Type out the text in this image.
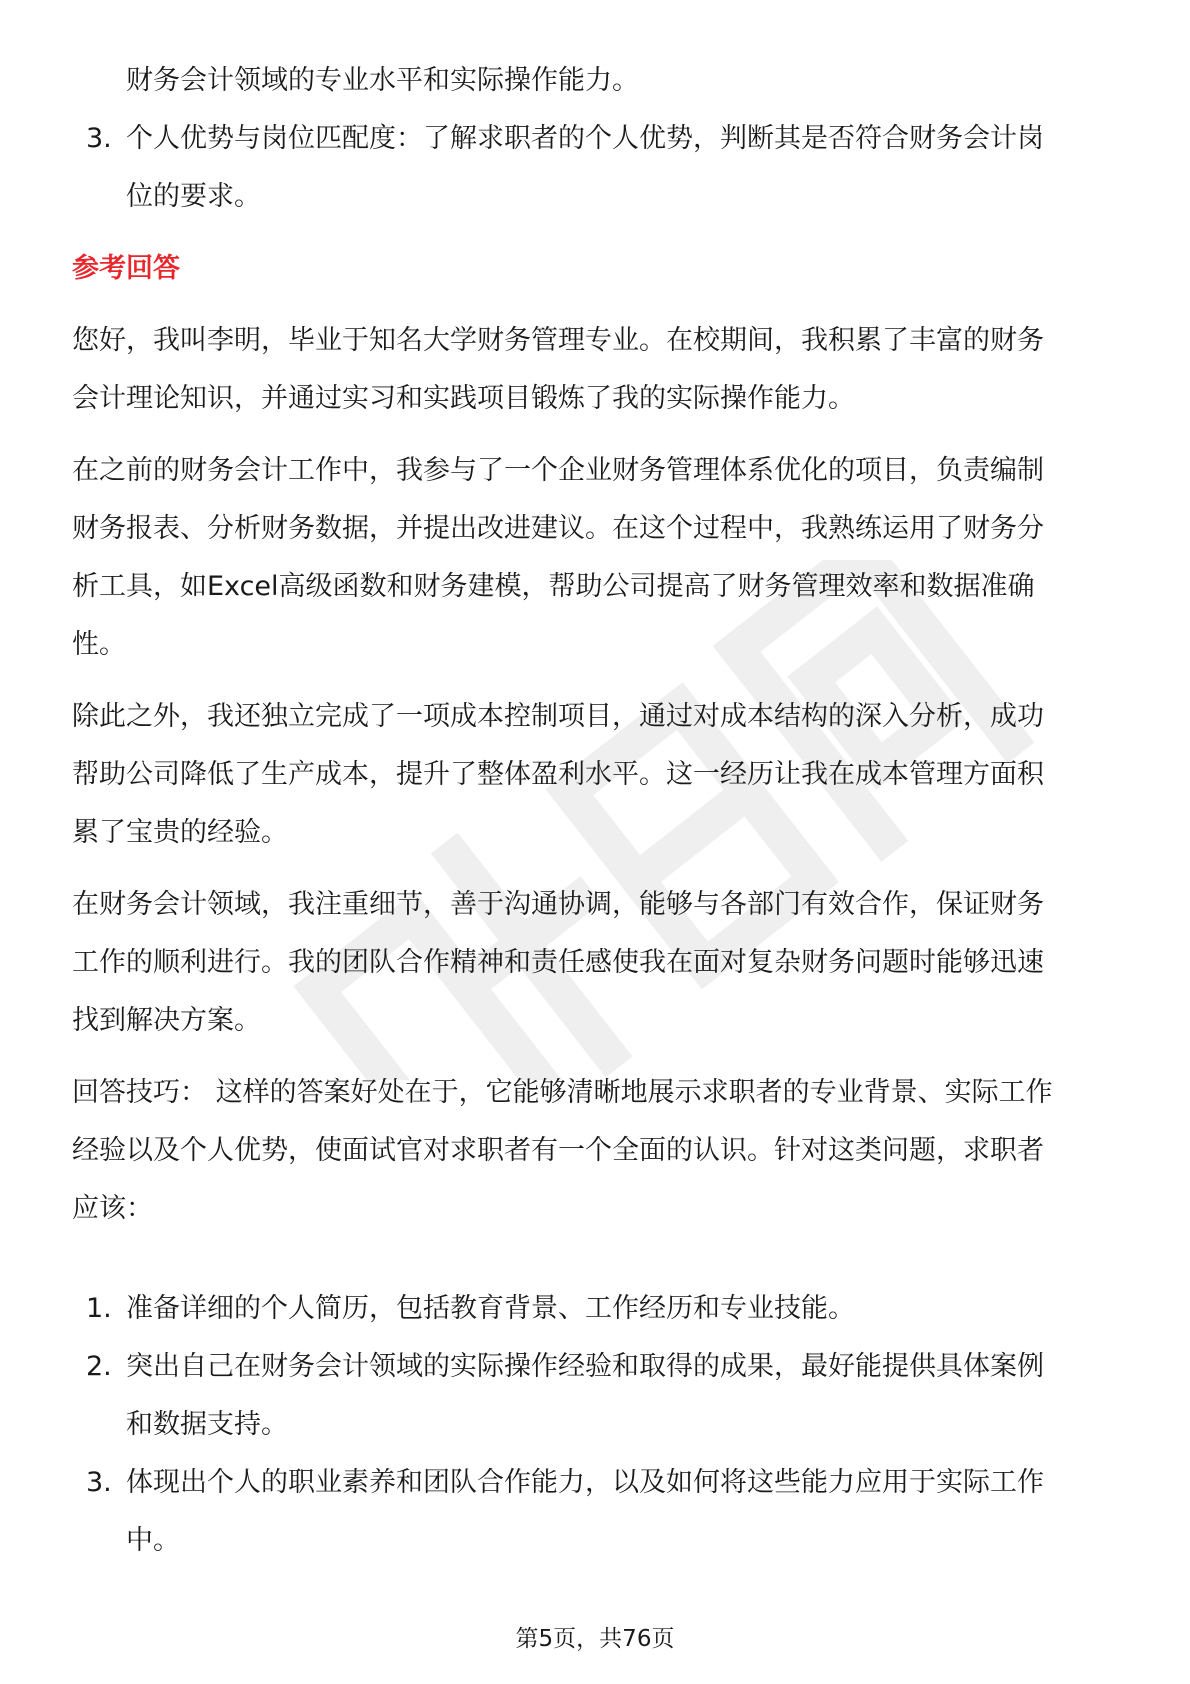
财务会计领域的专业水平和实际操作能力。
3. 个人优势与岗位匹配度：了解求职者的个人优势，判断其是否符合财务会计岗
位的要求。
参考回答

您好，我叫李明，毕业于知名大学财务管理专业。在校期间，我积累了丰富的财务
会计理论知识，并通过实习和实践项目锻炼了我的实际操作能力。

在之前的财务会计工作中，我参与了一个企业财务管理体系优化的项目，负责编制
财务报表、分析财务数据，并提出改进建议。在这个过程中，我熟练运用了财务分
析工具，如Excel高级函数和财务建模，帮助公司提高了财务管理效率和数据准确
性。

除此之外，我还独立完成了一项成本控制项目，通过对成本结构的深入分析，成功
帮助公司降低了生产成本，提升了整体盈利水平。这一经历让我在成本管理方面积
累了宝贵的经验。

在财务会计领域，我注重细节，善于沟通协调，能够与各部门有效合作，保证财务
工作的顺利进行。我的团队合作精神和责任感使我在面对复杂财务问题时能够迅速
找到解决方案。

回答技巧： 这样的答案好处在于，它能够清晰地展示求职者的专业背景、实际工作
经验以及个人优势，使面试官对求职者有一个全面的认识。针对这类问题，求职者
应该：

1. 准备详细的个人简历，包括教育背景、工作经历和专业技能。
2. 突出自己在财务会计领域的实际操作经验和取得的成果，最好能提供具体案例
和数据支持。
3. 体现出个人的职业素养和团队合作能力，以及如何将这些能力应用于实际工作
中。
第5页，共76页
